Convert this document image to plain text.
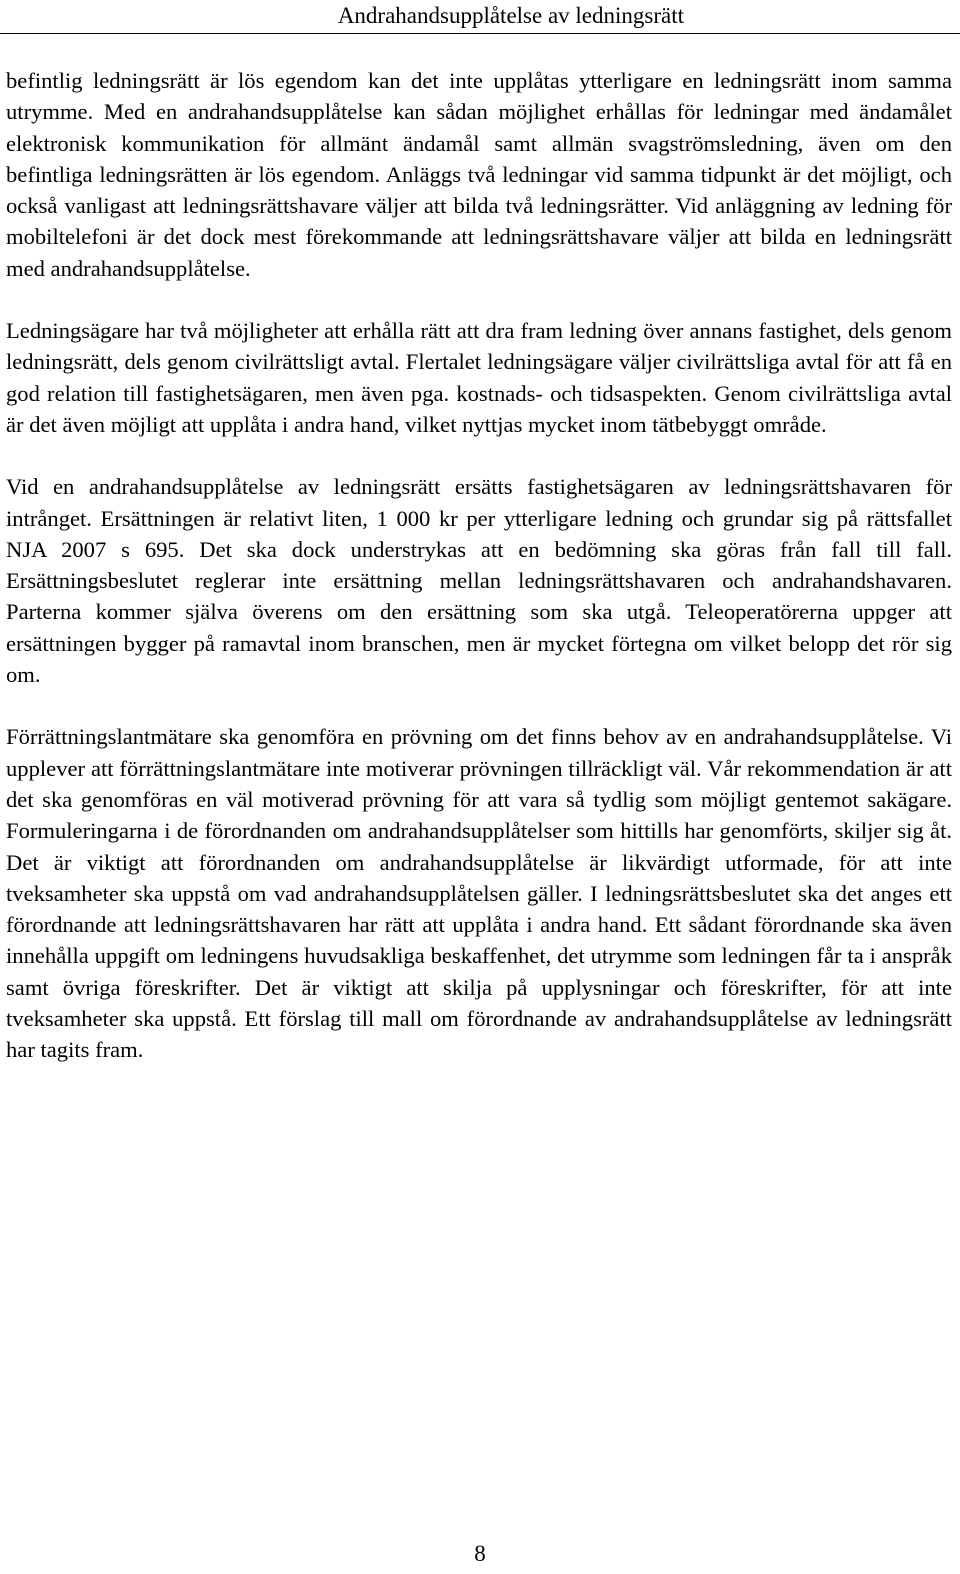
Andrahandsupplåtelse av ledningsrätt

befintlig ledningsrätt är lös egendom kan det inte upplåtas ytterligare en ledningsrätt inom samma utrymme. Med en andrahandsupplåtelse kan sådan möjlighet erhållas för ledningar med ändamålet elektronisk kommunikation för allmänt ändamål samt allmän svagströmsledning, även om den befintliga ledningsrätten är lös egendom. Anläggs två ledningar vid samma tidpunkt är det möjligt, och också vanligast att ledningsrättshavare väljer att bilda två ledningsrätter. Vid anläggning av ledning för mobiltelefoni är det dock mest förekommande att ledningsrättshavare väljer att bilda en ledningsrätt med andrahandsupplåtelse.

Ledningsägare har två möjligheter att erhålla rätt att dra fram ledning över annans fastighet, dels genom ledningsrätt, dels genom civilrättsligt avtal. Flertalet ledningsägare väljer civilrättsliga avtal för att få en god relation till fastighetsägaren, men även pga. kostnads- och tidsaspekten. Genom civilrättsliga avtal är det även möjligt att upplåta i andra hand, vilket nyttjas mycket inom tätbebyggt område.

Vid en andrahandsupplåtelse av ledningsrätt ersätts fastighetsägaren av ledningsrättshavaren för intrånget. Ersättningen är relativt liten, 1 000 kr per ytterligare ledning och grundar sig på rättsfallet NJA 2007 s 695. Det ska dock understrykas att en bedömning ska göras från fall till fall. Ersättningsbeslutet reglerar inte ersättning mellan ledningsrättshavaren och andrahandshavaren. Parterna kommer själva överens om den ersättning som ska utgå. Teleoperatörerna uppger att ersättningen bygger på ramavtal inom branschen, men är mycket förtegna om vilket belopp det rör sig om.

Förrättningslantmätare ska genomföra en prövning om det finns behov av en andrahandsupplåtelse. Vi upplever att förrättningslantmätare inte motiverar prövningen tillräckligt väl. Vår rekommendation är att det ska genomföras en väl motiverad prövning för att vara så tydlig som möjligt gentemot sakägare. Formuleringarna i de förordnanden om andrahandsupplåtelser som hittills har genomförts, skiljer sig åt. Det är viktigt att förordnanden om andrahandsupplåtelse är likvärdigt utformade, för att inte tveksamheter ska uppstå om vad andrahandsupplåtelsen gäller. I ledningsrättsbeslutet ska det anges ett förordnande att ledningsrättshavaren har rätt att upplåta i andra hand. Ett sådant förordnande ska även innehålla uppgift om ledningens huvudsakliga beskaffenhet, det utrymme som ledningen får ta i anspråk samt övriga föreskrifter. Det är viktigt att skilja på upplysningar och föreskrifter, för att inte tveksamheter ska uppstå. Ett förslag till mall om förordnande av andrahandsupplåtelse av ledningsrätt har tagits fram.

8
